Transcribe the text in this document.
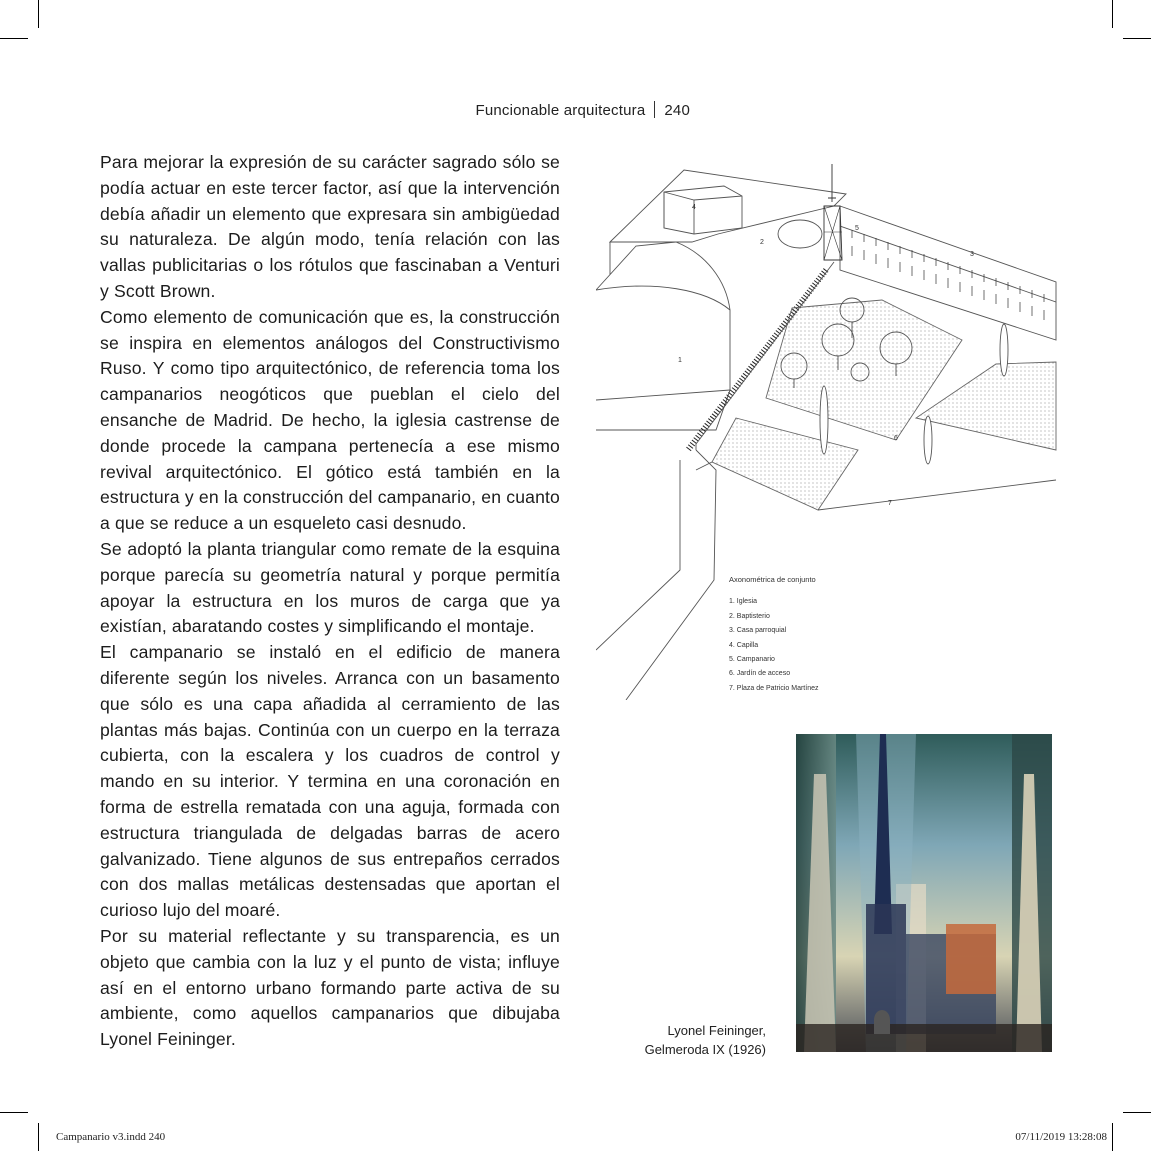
Funcionable arquitectura 240

Para mejorar la expresión de su carácter sagrado sólo se podía actuar en este tercer factor, así que la intervención debía añadir un elemento que expresara sin ambigüedad su naturaleza. De algún modo, tenía relación con las vallas publicitarias o los rótulos que fascinaban a Venturi y Scott Brown.

Como elemento de comunicación que es, la construcción se inspira en elementos análogos del Constructivismo Ruso. Y como tipo arquitectónico, de referencia toma los campanarios neogóticos que pueblan el cielo del ensanche de Madrid. De hecho, la iglesia castrense de donde procede la campana pertenecía a ese mismo revival arquitectónico. El gótico está también en la estructura y en la construcción del campanario, en cuanto a que se reduce a un esqueleto casi desnudo.

Se adoptó la planta triangular como remate de la esquina porque parecía su geometría natural y porque permitía apoyar la estructura en los muros de carga que ya existían, abaratando costes y simplificando el montaje.

El campanario se instaló en el edificio de manera diferente según los niveles. Arranca con un basamento que sólo es una capa añadida al cerramiento de las plantas más bajas. Continúa con un cuerpo en la terraza cubierta, con la escalera y los cuadros de control y mando en su interior. Y termina en una coronación en forma de estrella rematada con una aguja, formada con estructura triangulada de delgadas barras de acero galvanizado. Tiene algunos de sus entrepaños cerrados con dos mallas metálicas destensadas que aportan el curioso lujo del moaré.

Por su material reflectante y su transparencia, es un objeto que cambia con la luz y el punto de vista; influye así en el entorno urbano formando parte activa de su ambiente, como aquellos campanarios que dibujaba Lyonel Feininger.

1
2
3
4
5
6
7
Axonométrica de conjunto
1. Iglesia
2. Baptisterio
3. Casa parroquial
4. Capilla
5. Campanario
6. Jardín de acceso
7. Plaza de Patricio Martínez
Lyonel Feininger,
Gelmeroda IX (1926)
Campanario v3.indd 240	07/11/2019 13:28:08
